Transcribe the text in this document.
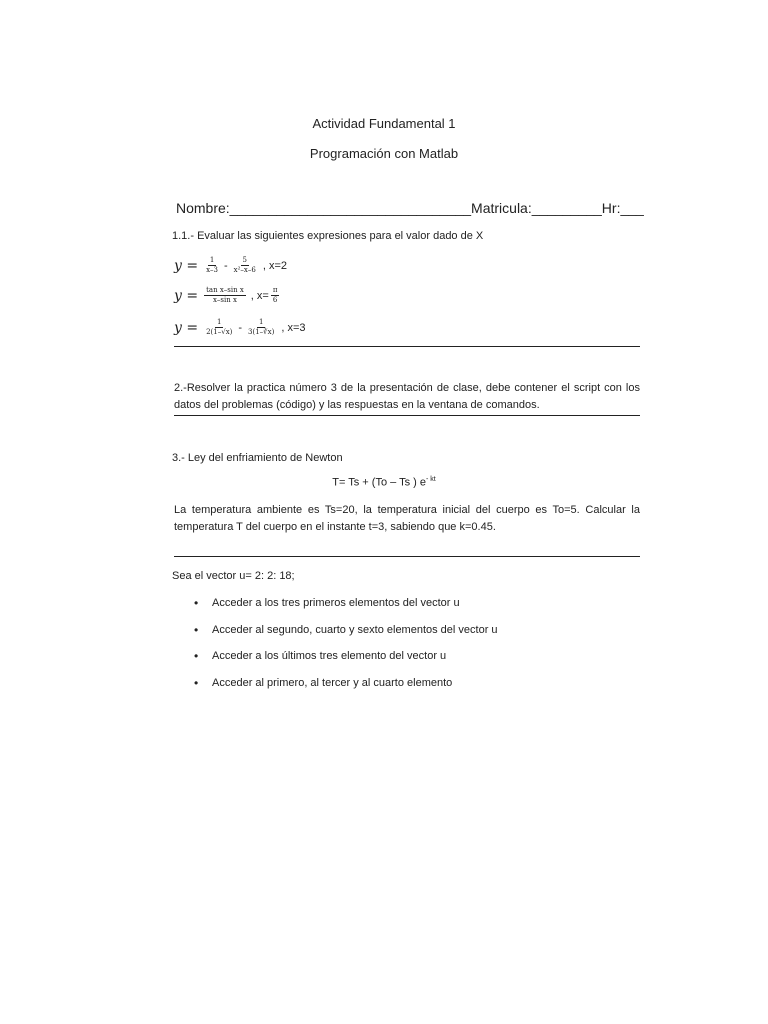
Actividad Fundamental 1
Programación con Matlab
Nombre:_______________________________Matricula:_________Hr:___
1.1.- Evaluar las siguientes expresiones para el valor dado de X
$y = \frac{1}{x-3} - \frac{5}{\text{x²–x–6}}$ , x=2
$y = \frac{\text{tan x–sin x}}{\text{x–sin x}}$ , $x= \frac{\pi}{6}$
$y = \frac{1}{2(1-√x)} - \frac{1}{3(1-∛x)}$ , x=3
2.-Resolver la practica número 3 de la presentación de clase, debe contener el script con los datos del problemas (código) y las respuestas en la ventana de comandos.
3.- Ley del enfriamiento de Newton
T= Ts + (To – Ts ) $e^{- kt}$
La temperatura ambiente es Ts=20, la temperatura inicial del cuerpo es To=5. Calcular la temperatura T del cuerpo en el instante t=3, sabiendo que k=0.45.
Sea el vector u= 2: 2: 18;
• Acceder a los tres primeros elementos del vector u
• Acceder al segundo, cuarto y sexto elementos del vector u
• Acceder a los últimos tres elemento del vector u
• Acceder al primero, al tercer y al cuarto elemento
